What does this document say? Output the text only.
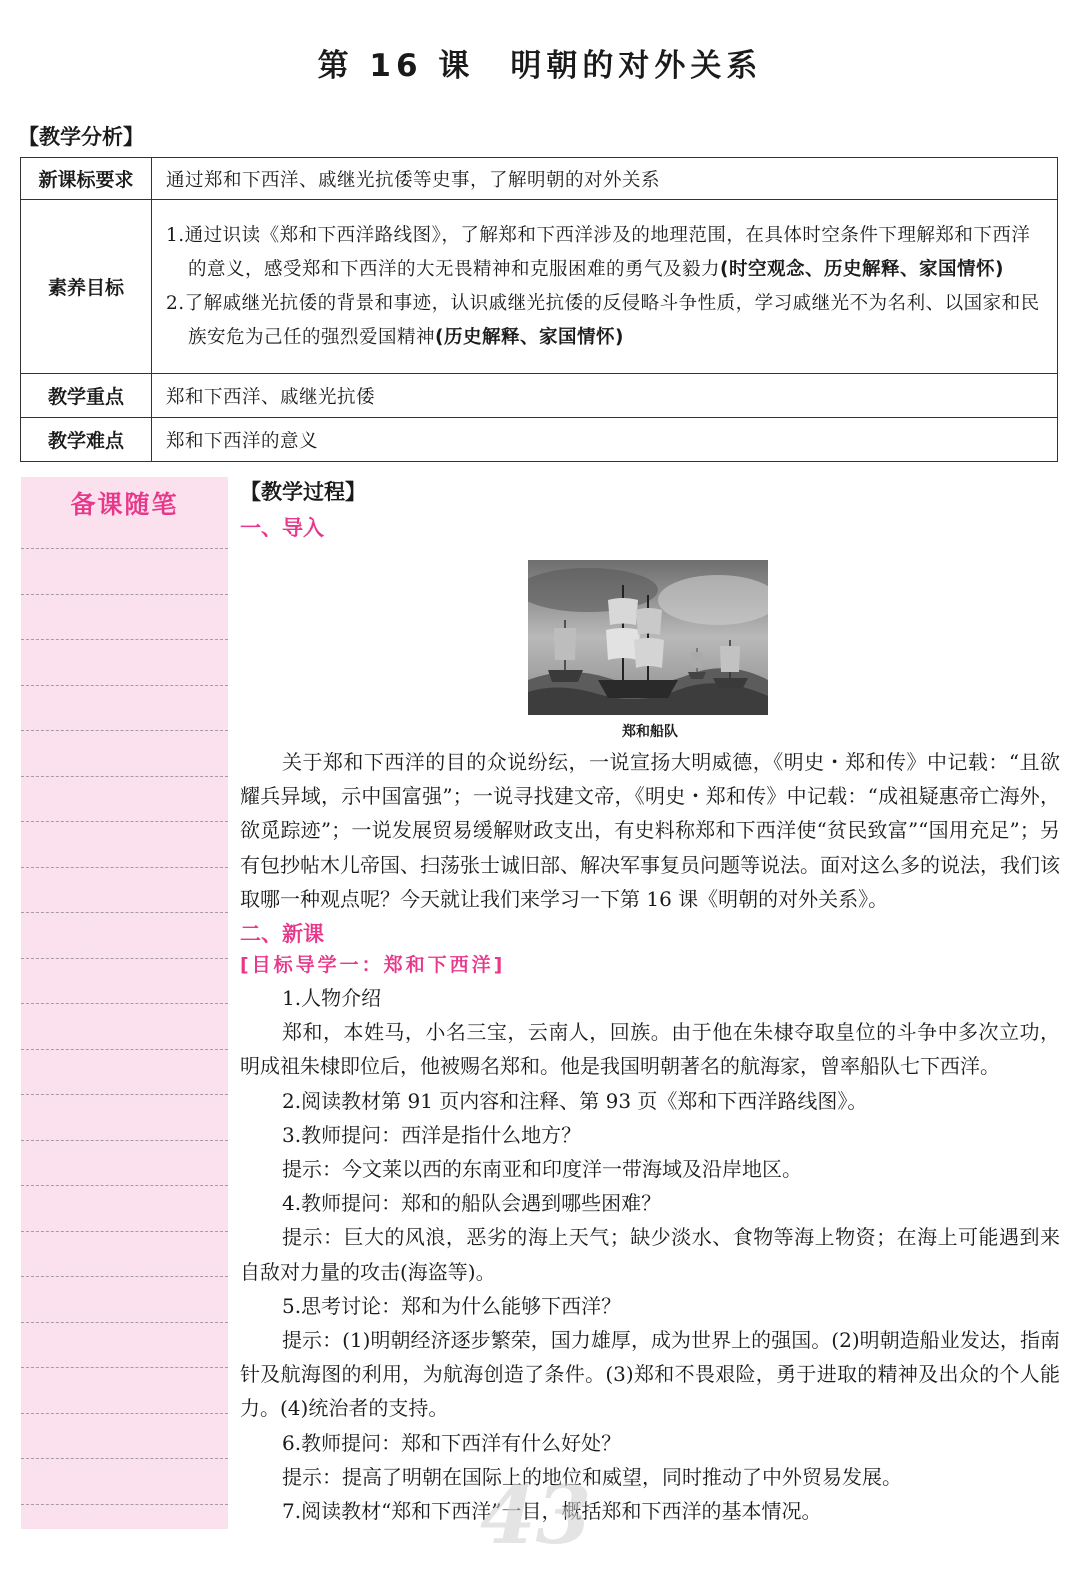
第 16 课 明朝的对外关系
【教学分析】
新课标要求	通过郑和下西洋、戚继光抗倭等史事，了解明朝的对外关系
素养目标	1.通过识读《郑和下西洋路线图》，了解郑和下西洋涉及的地理范围，在具体时空条件下理解郑和下西洋的意义，感受郑和下西洋的大无畏精神和克服困难的勇气及毅力(时空观念、历史解释、家国情怀)
2.了解戚继光抗倭的背景和事迹，认识戚继光抗倭的反侵略斗争性质，学习戚继光不为名利、以国家和民族安危为己任的强烈爱国精神(历史解释、家国情怀)

教学重点	郑和下西洋、戚继光抗倭
教学难点	郑和下西洋的意义
备课随笔	【教学过程】
一、导入
郑和船队
关于郑和下西洋的目的众说纷纭，一说宣扬大明威德，《明史・郑和传》中记载：“且欲耀兵异域，示中国富强”；一说寻找建文帝，《明史・郑和传》中记载：“成祖疑惠帝亡海外，欲觅踪迹”；一说发展贸易缓解财政支出，有史料称郑和下西洋使“贫民致富”“国用充足”；另有包抄帖木儿帝国、扫荡张士诚旧部、解决军事复员问题等说法。面对这么多的说法，我们该取哪一种观点呢？今天就让我们来学习一下第 16 课《明朝的对外关系》。
二、新课
[目标导学一：郑和下西洋]
1.人物介绍
郑和，本姓马，小名三宝，云南人，回族。由于他在朱棣夺取皇位的斗争中多次立功，明成祖朱棣即位后，他被赐名郑和。他是我国明朝著名的航海家，曾率船队七下西洋。
2.阅读教材第 91 页内容和注释、第 93 页《郑和下西洋路线图》。
3.教师提问：西洋是指什么地方？
提示：今文莱以西的东南亚和印度洋一带海域及沿岸地区。
4.教师提问：郑和的船队会遇到哪些困难？
提示：巨大的风浪，恶劣的海上天气；缺少淡水、食物等海上物资；在海上可能遇到来自敌对力量的攻击(海盗等)。
5.思考讨论：郑和为什么能够下西洋？
提示：(1)明朝经济逐步繁荣，国力雄厚，成为世界上的强国。(2)明朝造船业发达，指南针及航海图的利用，为航海创造了条件。(3)郑和不畏艰险，勇于进取的精神及出众的个人能力。(4)统治者的支持。
6.教师提问：郑和下西洋有什么好处？
提示：提高了明朝在国际上的地位和威望，同时推动了中外贸易发展。
7.阅读教材“郑和下西洋”一目，概括郑和下西洋的基本情况。
43
